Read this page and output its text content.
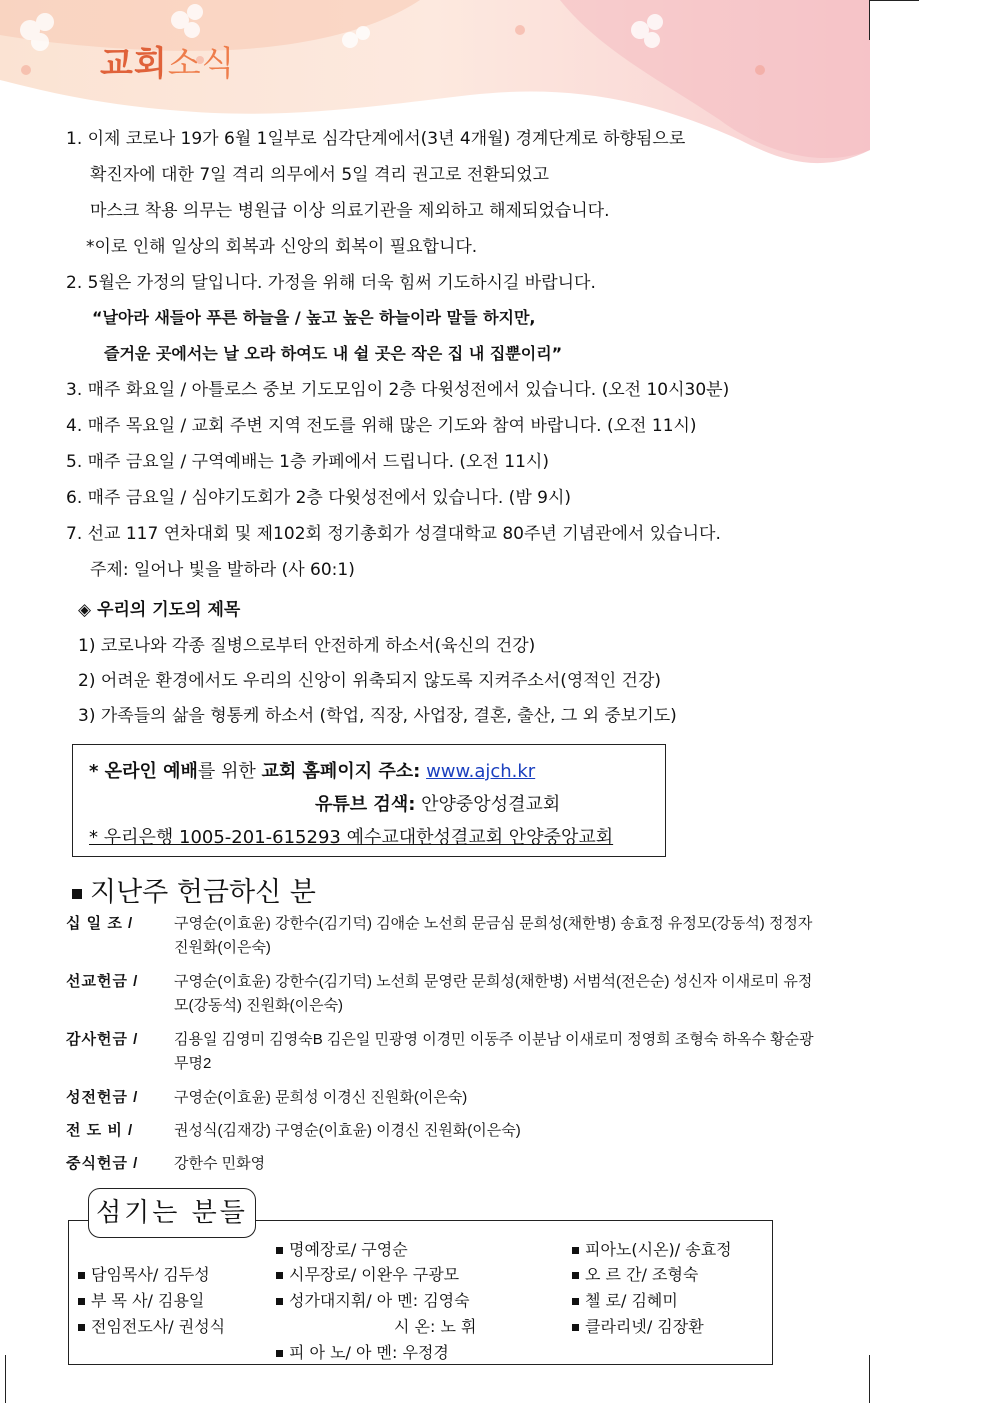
교회소식
1. 이제 코로나 19가 6월 1일부로 심각단계에서(3년 4개월) 경계단계로 하향됨으로
확진자에 대한 7일 격리 의무에서 5일 격리 권고로 전환되었고
마스크 착용 의무는 병원급 이상 의료기관을 제외하고 해제되었습니다.
*이로 인해 일상의 회복과 신앙의 회복이 필요합니다.
2. 5월은 가정의 달입니다. 가정을 위해 더욱 힘써 기도하시길 바랍니다.
“날아라 새들아 푸른 하늘을 / 높고 높은 하늘이라 말들 하지만,
즐거운 곳에서는 날 오라 하여도 내 쉴 곳은 작은 집 내 집뿐이리”
3. 매주 화요일 / 아틀로스 중보 기도모임이 2층 다윗성전에서 있습니다. (오전 10시30분)
4. 매주 목요일 / 교회 주변 지역 전도를 위해 많은 기도와 참여 바랍니다. (오전 11시)
5. 매주 금요일 / 구역예배는 1층 카페에서 드립니다. (오전 11시)
6. 매주 금요일 / 심야기도회가 2층 다윗성전에서 있습니다. (밤 9시)
7. 선교 117 연차대회 및 제102회 정기총회가 성결대학교 80주년 기념관에서 있습니다.
주제: 일어나 빛을 발하라 (사 60:1)
◈ 우리의 기도의 제목
1) 코로나와 각종 질병으로부터 안전하게 하소서(육신의 건강)
2) 어려운 환경에서도 우리의 신앙이 위축되지 않도록 지켜주소서(영적인 건강)
3) 가족들의 삶을 형통케 하소서 (학업, 직장, 사업장, 결혼, 출산, 그 외 중보기도)
* 온라인 예배를 위한 교회 홈페이지 주소: www.ajch.kr
유튜브 검색: 안양중앙성결교회
* 우리은행 1005-201-615293 예수교대한성결교회 안양중앙교회
지난주 헌금하신 분
십 일 조 /	구영순(이효윤) 강한수(김기덕) 김애순 노선희 문금심 문희성(채한병) 송효정 유정모(강동석) 정정자 진원화(이은숙)
선교헌금 /	구영순(이효윤) 강한수(김기덕) 노선희 문영란 문희성(채한병) 서범석(전은순) 성신자 이새로미 유정모(강동석) 진원화(이은숙)
감사헌금 /	김용일 김영미 김영숙B 김은일 민광영 이경민 이동주 이분남 이새로미 정영희 조형숙 하옥수 황순광 무명2
성전헌금 /	구영순(이효윤) 문희성 이경신 진원화(이은숙)
전 도 비 /	권성식(김재강) 구영순(이효윤) 이경신 진원화(이은숙)
중식헌금 /	강한수 민화영
섬기는 분들
담임목사/ 김두성
부 목 사/ 김용일
전임전도사/ 권성식
명예장로/ 구영순
시무장로/ 이완우 구광모
성가대지휘/ 아 멘: 김영숙
시 온: 노 휘
피 아 노/ 아 멘: 우정경
피아노(시온)/ 송효정
오 르 간/ 조형숙
첼 로/ 김혜미
클라리넷/ 김장환
